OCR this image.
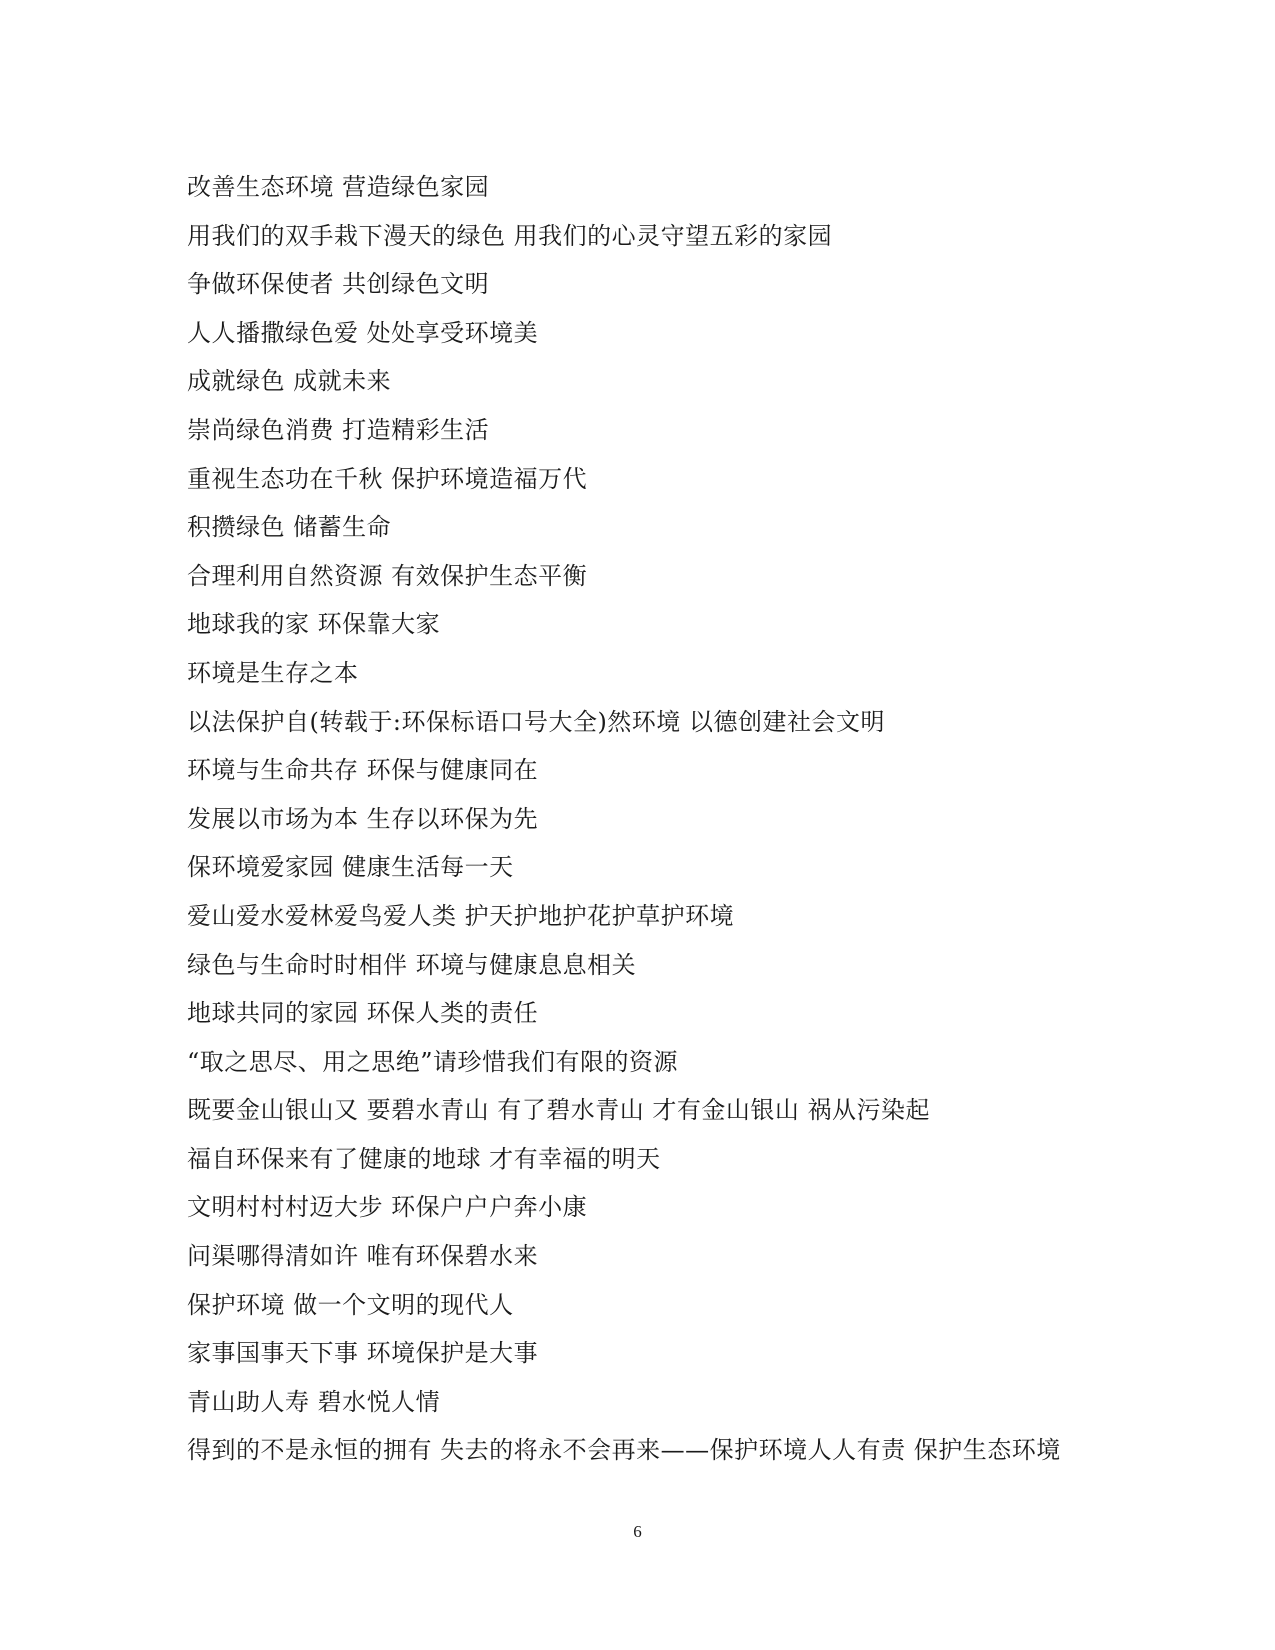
改善生态环境 营造绿色家园
用我们的双手栽下漫天的绿色 用我们的心灵守望五彩的家园
争做环保使者 共创绿色文明
人人播撒绿色爱 处处享受环境美
成就绿色 成就未来
崇尚绿色消费 打造精彩生活
重视生态功在千秋 保护环境造福万代
积攒绿色 储蓄生命
合理利用自然资源 有效保护生态平衡
地球我的家 环保靠大家
环境是生存之本
以法保护自(转载于:环保标语口号大全)然环境 以德创建社会文明
环境与生命共存 环保与健康同在
发展以市场为本 生存以环保为先
保环境爱家园 健康生活每一天
爱山爱水爱林爱鸟爱人类 护天护地护花护草护环境
绿色与生命时时相伴 环境与健康息息相关
地球共同的家园 环保人类的责任
“取之思尽、用之思绝”请珍惜我们有限的资源
既要金山银山又 要碧水青山 有了碧水青山 才有金山银山 祸从污染起
福自环保来有了健康的地球 才有幸福的明天
文明村村村迈大步 环保户户户奔小康
问渠哪得清如许 唯有环保碧水来
保护环境 做一个文明的现代人
家事国事天下事 环境保护是大事
青山助人寿 碧水悦人情
得到的不是永恒的拥有 失去的将永不会再来——保护环境人人有责 保护生态环境
6
